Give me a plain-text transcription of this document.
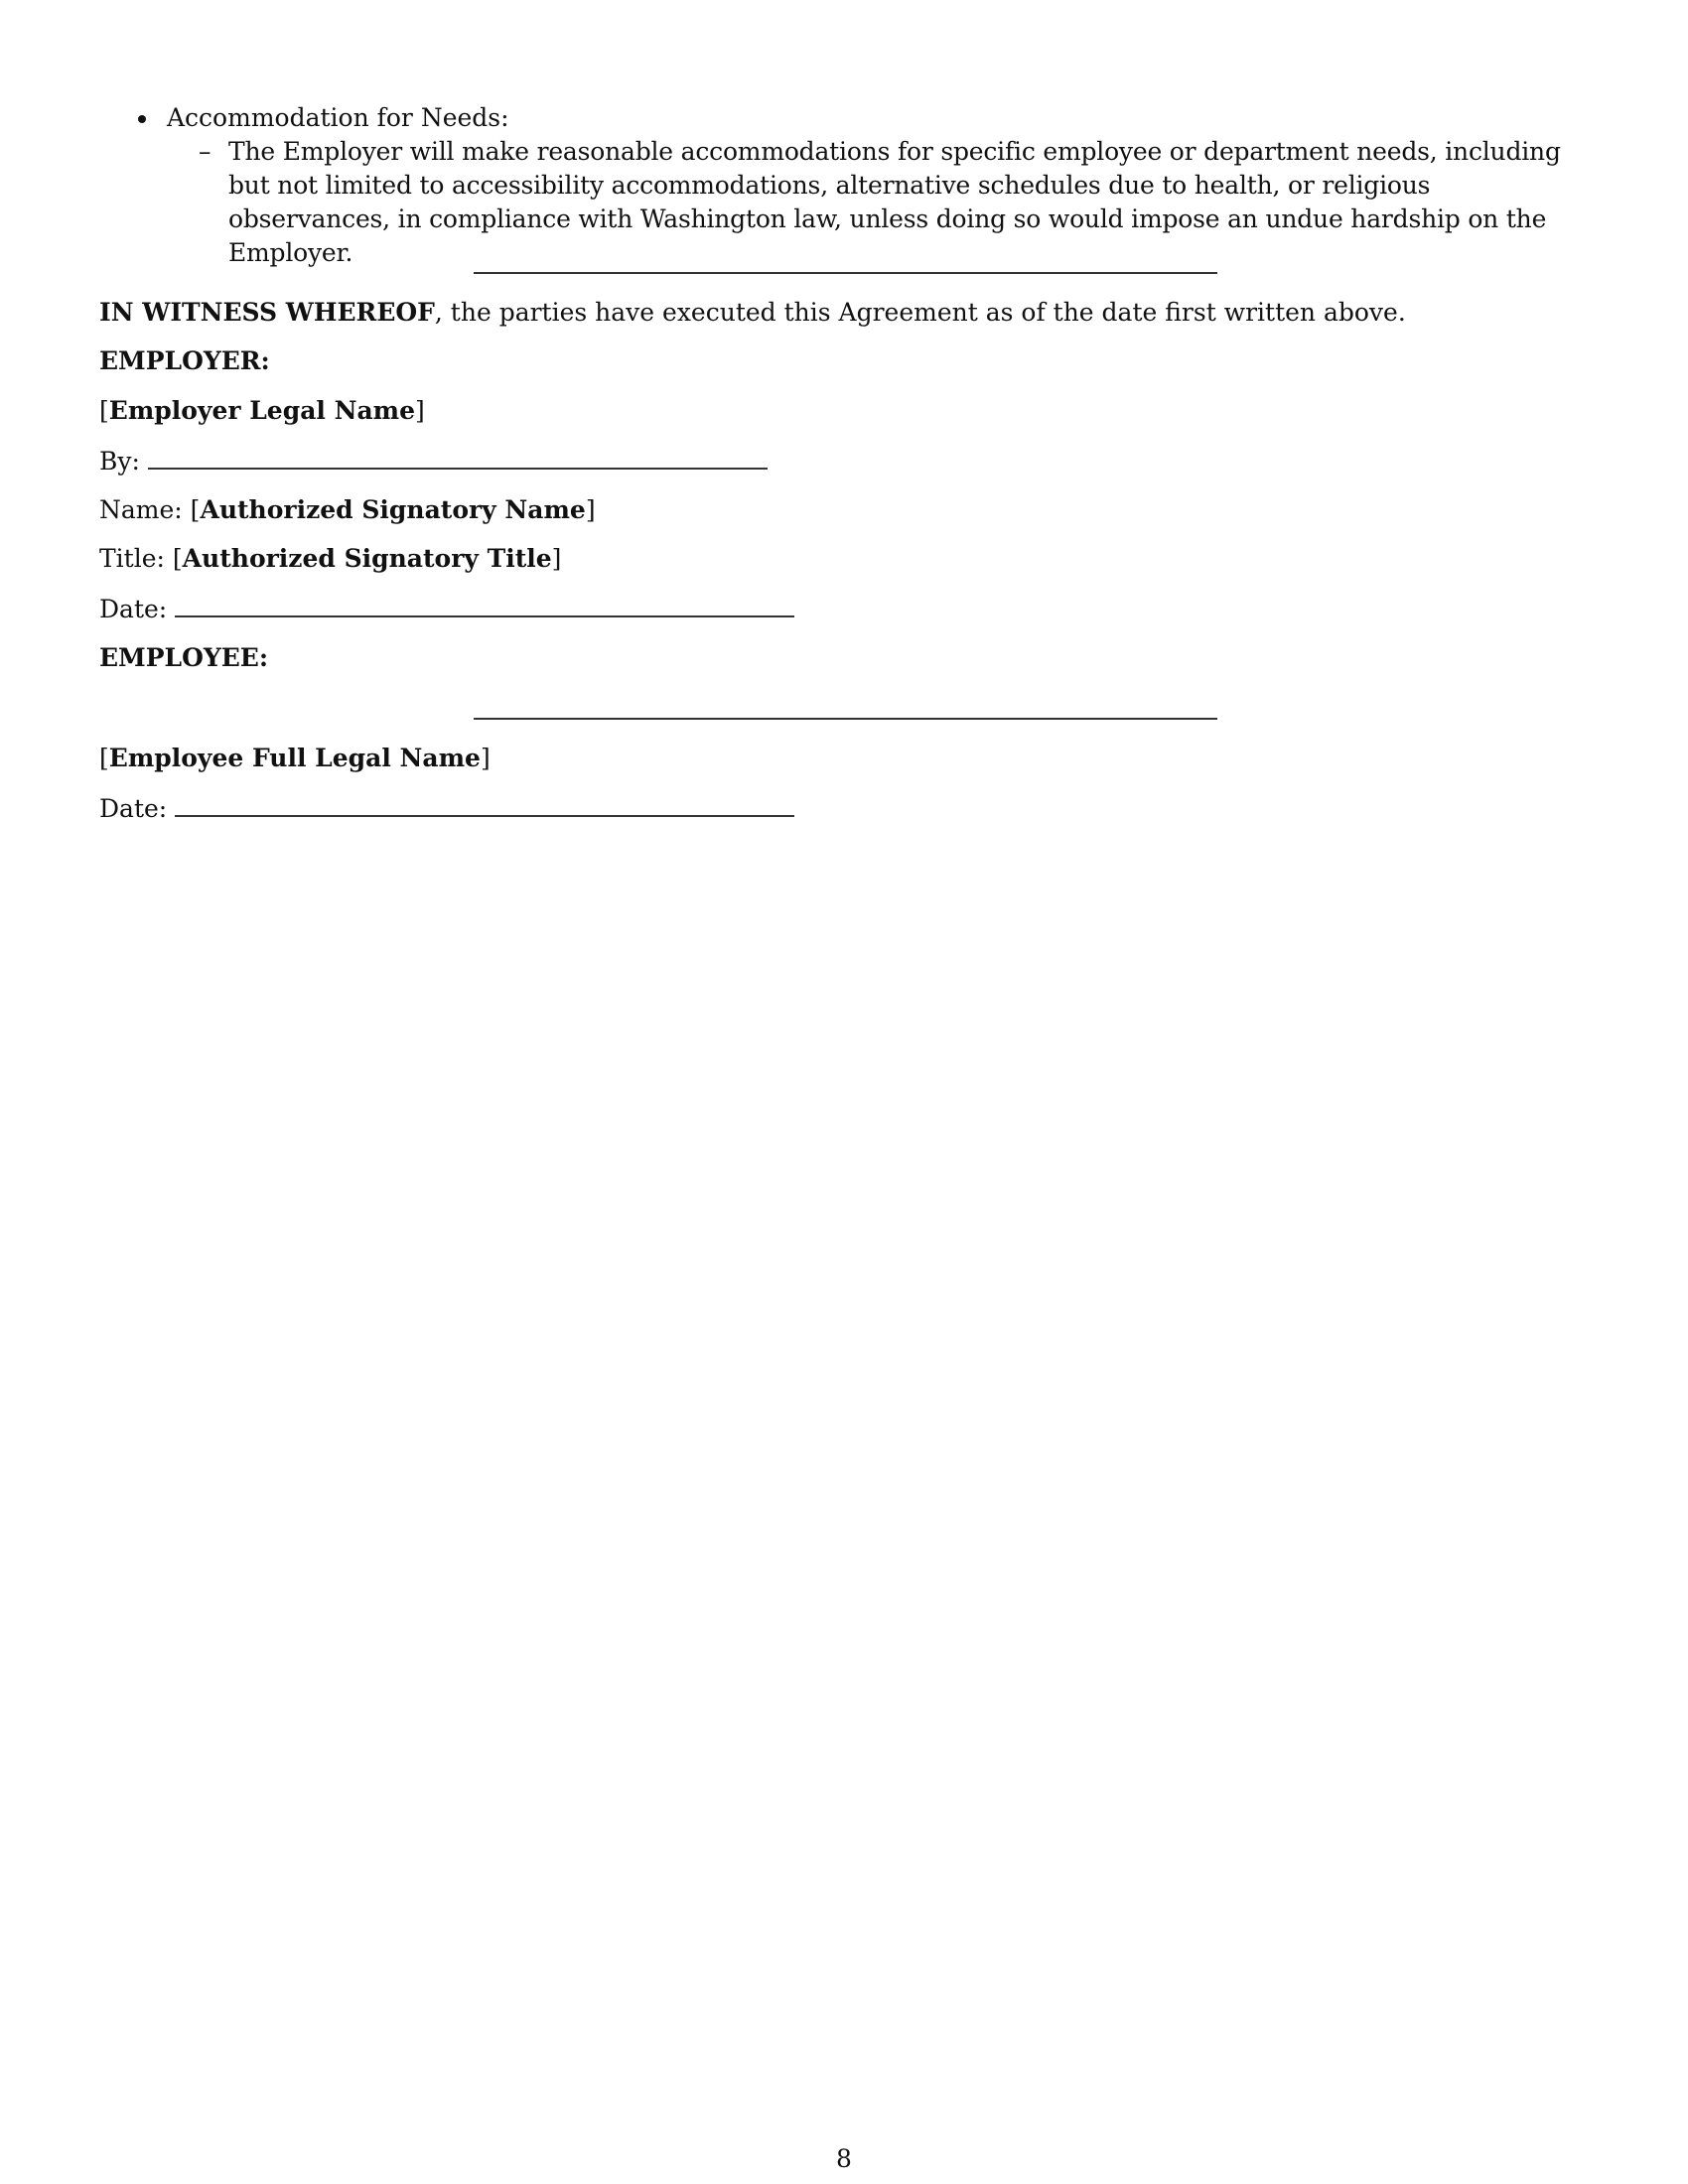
Accommodation for Needs:
– The Employer will make reasonable accommodations for specific employee or department needs, including but not limited to accessibility accommodations, alternative schedules due to health, or religious observances, in compliance with Washington law, unless doing so would impose an undue hardship on the Employer.
IN WITNESS WHEREOF, the parties have executed this Agreement as of the date first written above.
EMPLOYER:
[Employer Legal Name]
By:
Name: [Authorized Signatory Name]
Title: [Authorized Signatory Title]
Date:
EMPLOYEE:
[Employee Full Legal Name]
Date:
8
